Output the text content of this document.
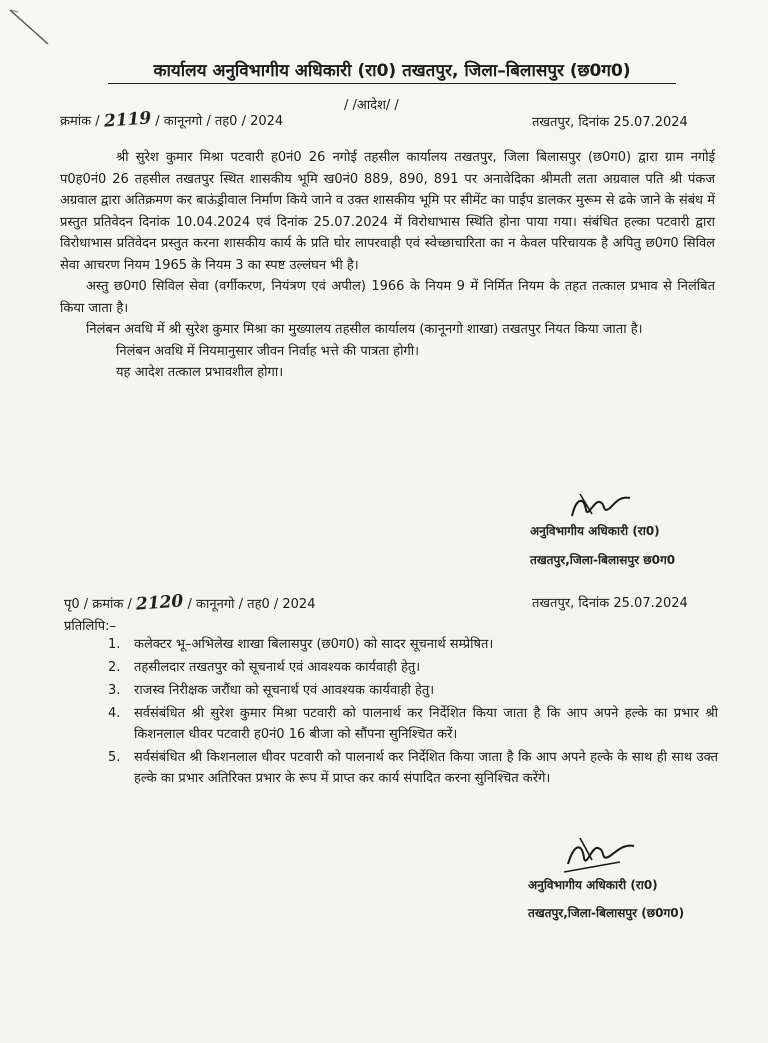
कार्यालय अनुविभागीय अधिकारी (रा0) तखतपुर, जिला–बिलासपुर (छ0ग0)
/ /आदेश/ /
क्रमांक / 2119 / कानूनगो / तह0 / 2024	तखतपुर, दिनांक 25.07.2024

श्री सुरेश कुमार मिश्रा पटवारी ह0नं0 26 नगोई तहसील कार्यालय तखतपुर, जिला बिलासपुर (छ0ग0) द्वारा ग्राम नगोई प0ह0नं0 26 तहसील तखतपुर स्थित शासकीय भूमि ख0नं0 889, 890, 891 पर अनावेदिका श्रीमती लता अग्रवाल पति श्री पंकज अग्रवाल द्वारा अतिक्रमण कर बाऊंड्रीवाल निर्माण किये जाने व उक्त शासकीय भूमि पर सीमेंट का पाईप डालकर मुरूम से ढके जाने के संबंध में प्रस्तुत प्रतिवेदन दिनांक 10.04.2024 एवं दिनांक 25.07.2024 में विरोधाभास स्थिति होना पाया गया। संबंधित हल्का पटवारी द्वारा विरोधाभास प्रतिवेदन प्रस्तुत करना शासकीय कार्य के प्रति घोर लापरवाही एवं स्वेच्छाचारिता का न केवल परिचायक है अपितु छ0ग0 सिविल सेवा आचरण नियम 1965 के नियम 3 का स्पष्ट उल्लंघन भी है।

अस्तु छ0ग0 सिविल सेवा (वर्गीकरण, नियंत्रण एवं अपील) 1966 के नियम 9 में निर्मित नियम के तहत तत्काल प्रभाव से निलंबित किया जाता है।

निलंबन अवधि में श्री सुरेश कुमार मिश्रा का मुख्यालय तहसील कार्यालय (कानूनगो शाखा) तखतपुर नियत किया जाता है।

निलंबन अवधि में नियमानुसार जीवन निर्वाह भत्ते की पात्रता होगी।

यह आदेश तत्काल प्रभावशील होगा।

अनुविभागीय अधिकारी (रा0)
तखतपुर,जिला-बिलासपुर छ0ग0
पृ0 / क्रमांक / 2120 / कानूनगो / तह0 / 2024	तखतपुर, दिनांक 25.07.2024
प्रतिलिपि:–
1.	कलेक्टर भू–अभिलेख शाखा बिलासपुर (छ0ग0) को सादर सूचनार्थ सम्प्रेषित।
2.	तहसीलदार तखतपुर को सूचनार्थ एवं आवश्यक कार्यवाही हेतु।
3.	राजस्व निरीक्षक जरौंधा को सूचनार्थ एवं आवश्यक कार्यवाही हेतु।
4.	सर्वसंबंधित श्री सुरेश कुमार मिश्रा पटवारी को पालनार्थ कर निर्देशित किया जाता है कि आप अपने हल्के का प्रभार श्री किशनलाल धीवर पटवारी ह0नं0 16 बीजा को सौंपना सुनिश्चित करें।
5.	सर्वसंबंधित श्री किशनलाल धीवर पटवारी को पालनार्थ कर निर्देशित किया जाता है कि आप अपने हल्के के साथ ही साथ उक्त हल्के का प्रभार अतिरिक्त प्रभार के रूप में प्राप्त कर कार्य संपादित करना सुनिश्चित करेंगे।
अनुविभागीय अधिकारी (रा0)
तखतपुर,जिला-बिलासपुर (छ0ग0)
